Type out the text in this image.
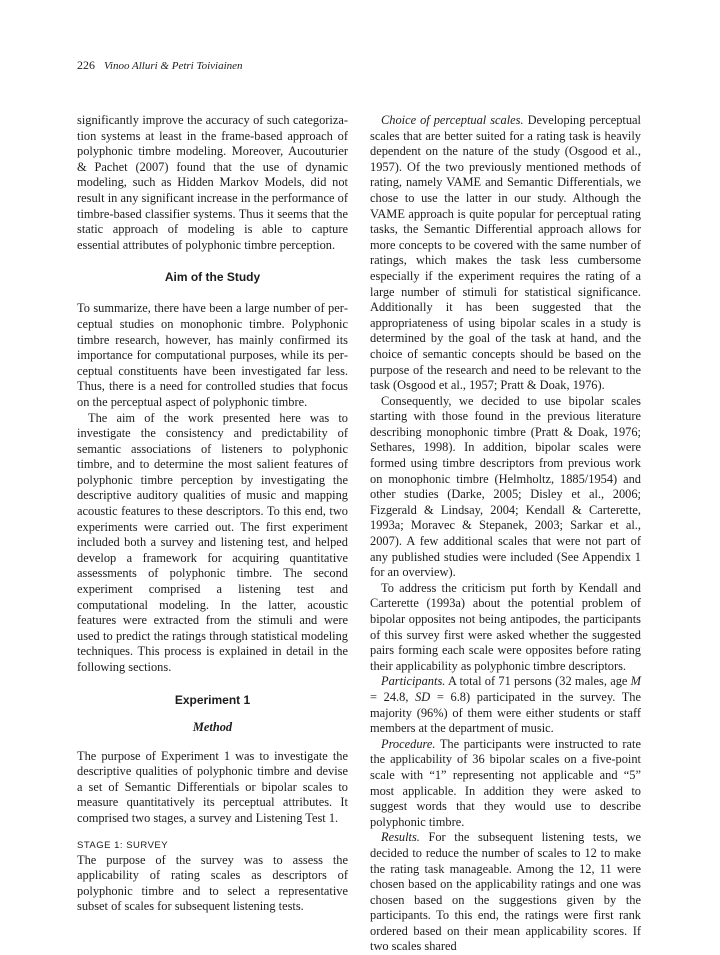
226 Vinoo Alluri & Petri Toiviainen

significantly improve the accuracy of such categorization systems at least in the frame-based approach of polyphonic timbre modeling. Moreover, Aucouturier & Pachet (2007) found that the use of dynamic modeling, such as Hidden Markov Models, did not result in any significant increase in the performance of timbre-based classifier systems. Thus it seems that the static approach of modeling is able to capture essential attributes of polyphonic timbre perception.

Aim of the Study

To summarize, there have been a large number of perceptual studies on monophonic timbre. Polyphonic timbre research, however, has mainly confirmed its importance for computational purposes, while its perceptual constituents have been investigated far less. Thus, there is a need for controlled studies that focus on the perceptual aspect of polyphonic timbre.

The aim of the work presented here was to investigate the consistency and predictability of semantic associations of listeners to polyphonic timbre, and to determine the most salient features of polyphonic timbre perception by investigating the descriptive auditory qualities of music and mapping acoustic features to these descriptors. To this end, two experiments were carried out. The first experiment included both a survey and listening test, and helped develop a framework for acquiring quantitative assessments of polyphonic timbre. The second experiment comprised a listening test and computational modeling. In the latter, acoustic features were extracted from the stimuli and were used to predict the ratings through statistical modeling techniques. This process is explained in detail in the following sections.

Experiment 1
Method

The purpose of Experiment 1 was to investigate the descriptive qualities of polyphonic timbre and devise a set of Semantic Differentials or bipolar scales to measure quantitatively its perceptual attributes. It comprised two stages, a survey and Listening Test 1.

STAGE 1: SURVEY

The purpose of the survey was to assess the applicability of rating scales as descriptors of polyphonic timbre and to select a representative subset of scales for subsequent listening tests.

Choice of perceptual scales. Developing perceptual scales that are better suited for a rating task is heavily dependent on the nature of the study (Osgood et al., 1957). Of the two previously mentioned methods of rating, namely VAME and Semantic Differentials, we chose to use the latter in our study. Although the VAME approach is quite popular for perceptual rating tasks, the Semantic Differential approach allows for more concepts to be covered with the same number of ratings, which makes the task less cumbersome especially if the experiment requires the rating of a large number of stimuli for statistical significance. Additionally it has been suggested that the appropriateness of using bipolar scales in a study is determined by the goal of the task at hand, and the choice of semantic concepts should be based on the purpose of the research and need to be relevant to the task (Osgood et al., 1957; Pratt & Doak, 1976).

Consequently, we decided to use bipolar scales starting with those found in the previous literature describing monophonic timbre (Pratt & Doak, 1976; Sethares, 1998). In addition, bipolar scales were formed using timbre descriptors from previous work on monophonic timbre (Helmholtz, 1885/1954) and other studies (Darke, 2005; Disley et al., 2006; Fizgerald & Lindsay, 2004; Kendall & Carterette, 1993a; Moravec & Stepanek, 2003; Sarkar et al., 2007). A few additional scales that were not part of any published studies were included (See Appendix 1 for an overview).

To address the criticism put forth by Kendall and Carterette (1993a) about the potential problem of bipolar opposites not being antipodes, the participants of this survey first were asked whether the suggested pairs forming each scale were opposites before rating their applicability as polyphonic timbre descriptors.

Participants. A total of 71 persons (32 males, age M = 24.8, SD = 6.8) participated in the survey. The majority (96%) of them were either students or staff members at the department of music.

Procedure. The participants were instructed to rate the applicability of 36 bipolar scales on a five-point scale with “1” representing not applicable and “5” most applicable. In addition they were asked to suggest words that they would use to describe polyphonic timbre.

Results. For the subsequent listening tests, we decided to reduce the number of scales to 12 to make the rating task manageable. Among the 12, 11 were chosen based on the applicability ratings and one was chosen based on the suggestions given by the participants. To this end, the ratings were first rank ordered based on their mean applicability scores. If two scales shared
